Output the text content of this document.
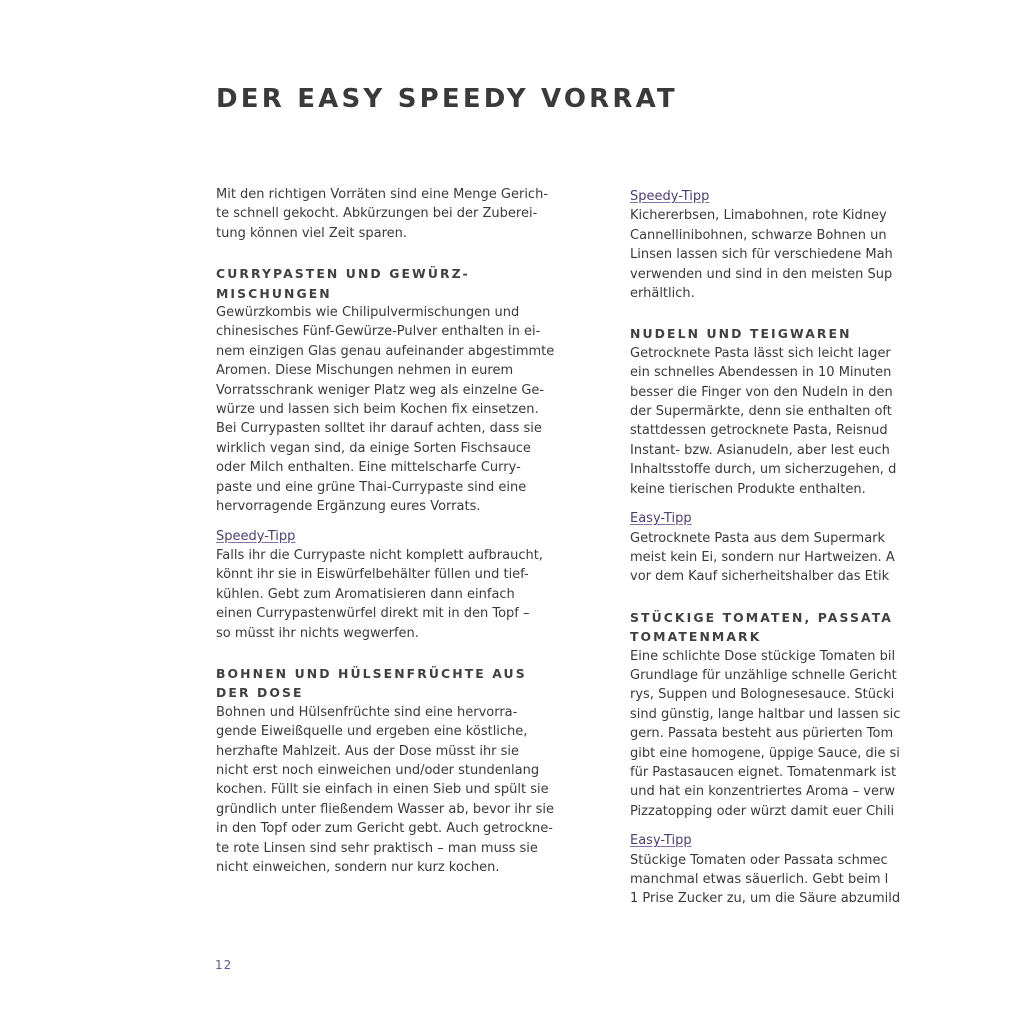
DER EASY SPEEDY VORRAT
Mit den richtigen Vorräten sind eine Menge Gerich-
te schnell gekocht. Abkürzungen bei der Zuberei-
tung können viel Zeit sparen.
CURRYPASTEN UND GEWÜRZ-
MISCHUNGEN
Gewürzkombis wie Chilipulvermischungen und
chinesisches Fünf-Gewürze-Pulver enthalten in ei-
nem einzigen Glas genau aufeinander abgestimmte
Aromen. Diese Mischungen nehmen in eurem
Vorratsschrank weniger Platz weg als einzelne Ge-
würze und lassen sich beim Kochen fix einsetzen.
Bei Currypasten solltet ihr darauf achten, dass sie
wirklich vegan sind, da einige Sorten Fischsauce
oder Milch enthalten. Eine mittelscharfe Curry-
paste und eine grüne Thai-Currypaste sind eine
hervorragende Ergänzung eures Vorrats.
Speedy-Tipp
Falls ihr die Currypaste nicht komplett aufbraucht,
könnt ihr sie in Eiswürfelbehälter füllen und tief-
kühlen. Gebt zum Aromatisieren dann einfach
einen Currypastenwürfel direkt mit in den Topf –
so müsst ihr nichts wegwerfen.
BOHNEN UND HÜLSENFRÜCHTE AUS
DER DOSE
Bohnen und Hülsenfrüchte sind eine hervorra-
gende Eiweißquelle und ergeben eine köstliche,
herzhafte Mahlzeit. Aus der Dose müsst ihr sie
nicht erst noch einweichen und/oder stundenlang
kochen. Füllt sie einfach in einen Sieb und spült sie
gründlich unter fließendem Wasser ab, bevor ihr sie
in den Topf oder zum Gericht gebt. Auch getrockne-
te rote Linsen sind sehr praktisch – man muss sie
nicht einweichen, sondern nur kurz kochen.
Speedy-Tipp
Kichererbsen, Limabohnen, rote Kidney
Cannellinibohnen, schwarze Bohnen un
Linsen lassen sich für verschiedene Mah
verwenden und sind in den meisten Sup
erhältlich.
NUDELN UND TEIGWAREN
Getrocknete Pasta lässt sich leicht lager
ein schnelles Abendessen in 10 Minuten
besser die Finger von den Nudeln in den
der Supermärkte, denn sie enthalten oft
stattdessen getrocknete Pasta, Reisnud
Instant- bzw. Asianudeln, aber lest euch
Inhaltsstoffe durch, um sicherzugehen, d
keine tierischen Produkte enthalten.
Easy-Tipp
Getrocknete Pasta aus dem Supermark
meist kein Ei, sondern nur Hartweizen. A
vor dem Kauf sicherheitshalber das Etik
STÜCKIGE TOMATEN, PASSATA
TOMATENMARK
Eine schlichte Dose stückige Tomaten bil
Grundlage für unzählige schnelle Gericht
rys, Suppen und Bolognesesauce. Stücki
sind günstig, lange haltbar und lassen sic
gern. Passata besteht aus pürierten Tom
gibt eine homogene, üppige Sauce, die si
für Pastasaucen eignet. Tomatenmark ist
und hat ein konzentriertes Aroma – verw
Pizzatopping oder würzt damit euer Chili
Easy-Tipp
Stückige Tomaten oder Passata schmec
manchmal etwas säuerlich. Gebt beim l
1 Prise Zucker zu, um die Säure abzumild
12
